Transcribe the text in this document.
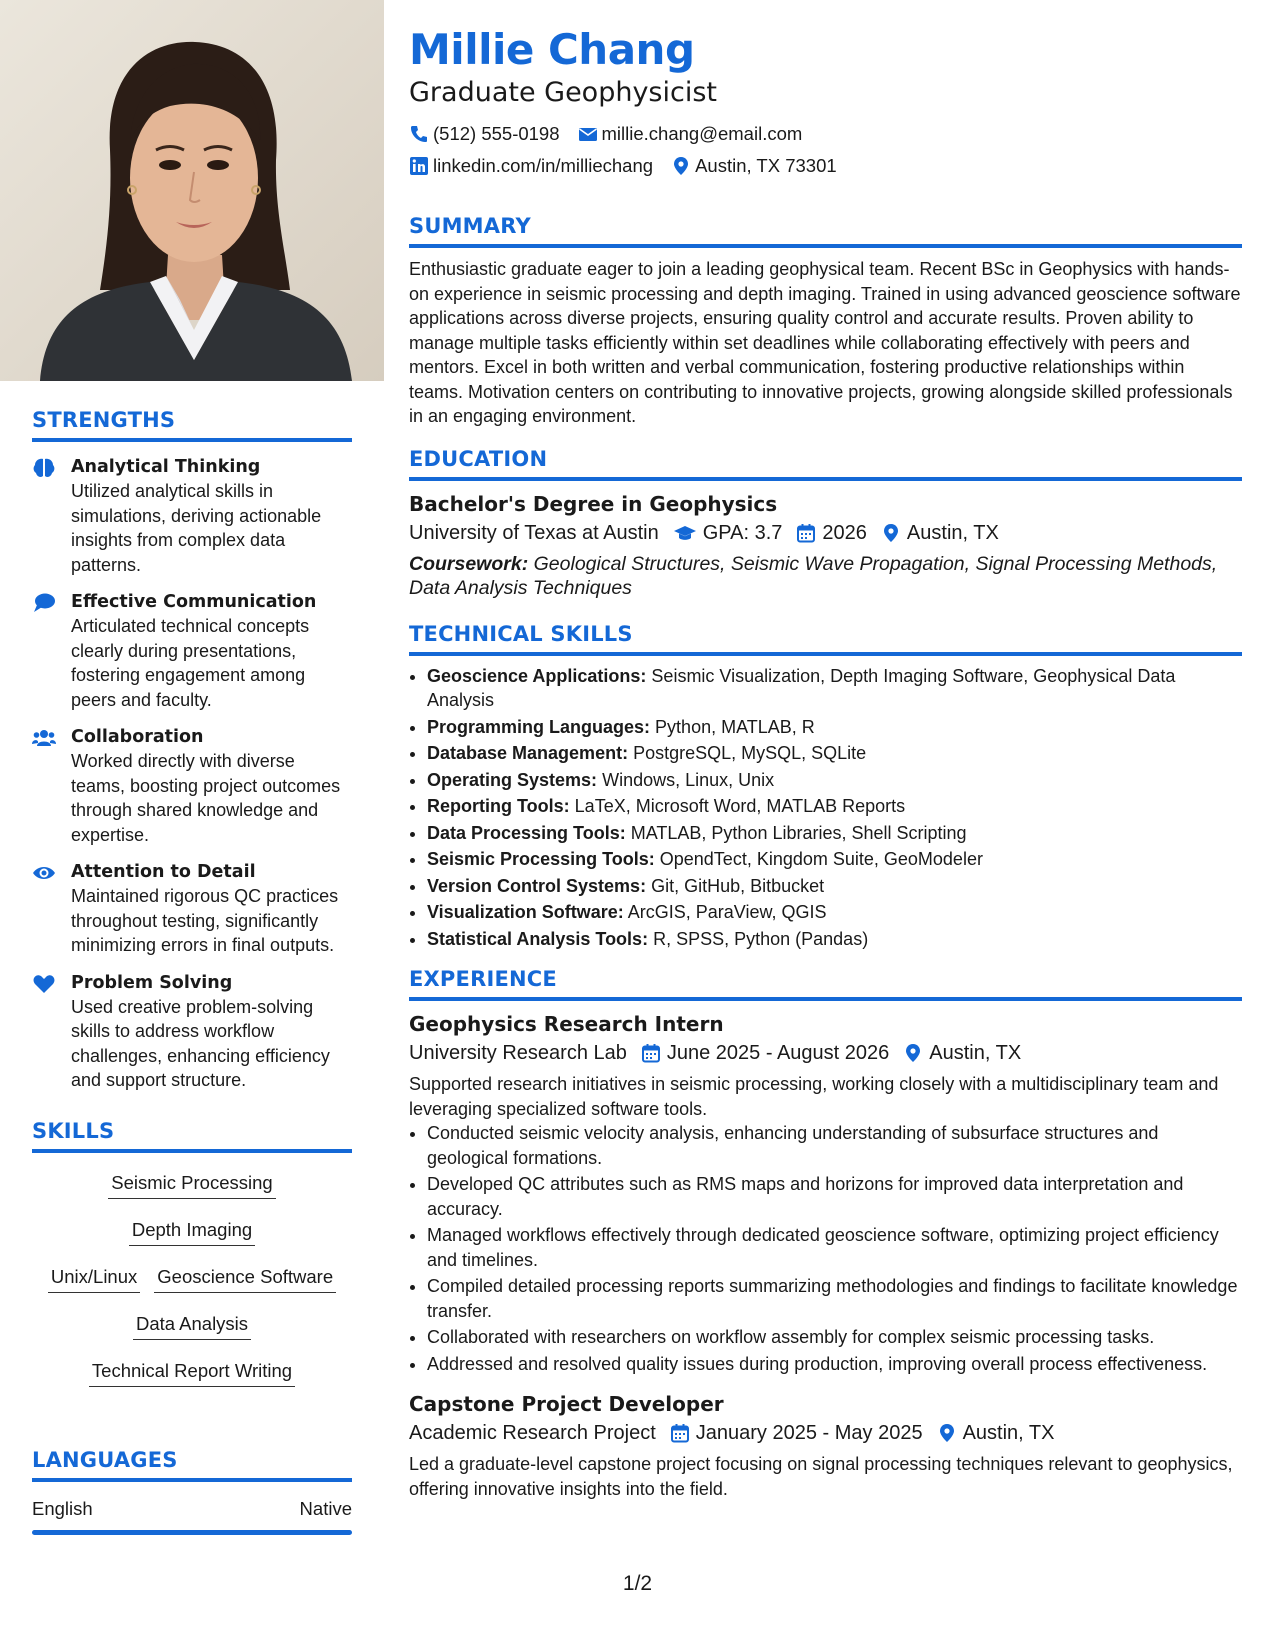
STRENGTHS
Analytical Thinking
Utilized analytical skills in simulations, deriving actionable insights from complex data patterns.
Effective Communication
Articulated technical concepts clearly during presentations, fostering engagement among peers and faculty.
Collaboration
Worked directly with diverse teams, boosting project outcomes through shared knowledge and expertise.
Attention to Detail
Maintained rigorous QC practices throughout testing, significantly minimizing errors in final outputs.
Problem Solving
Used creative problem-solving skills to address workflow challenges, enhancing efficiency and support structure.
SKILLS
Seismic ProcessingDepth Imaging
Unix/Linux Geoscience Software
Data Analysis
Technical Report Writing
LANGUAGES
English	Native
Millie Chang
Graduate Geophysicist
(512) 555-0198 millie.chang@email.com
linkedin.com/in/milliechang Austin, TX 73301
SUMMARY
Enthusiastic graduate eager to join a leading geophysical team. Recent BSc in Geophysics with hands-on experience in seismic processing and depth imaging. Trained in using advanced geoscience software applications across diverse projects, ensuring quality control and accurate results. Proven ability to manage multiple tasks efficiently within set deadlines while collaborating effectively with peers and mentors. Excel in both written and verbal communication, fostering productive relationships within teams. Motivation centers on contributing to innovative projects, growing alongside skilled professionals in an engaging environment.
EDUCATION
Bachelor's Degree in Geophysics
University of Texas at Austin GPA: 3.7 2026 Austin, TX
Coursework: Geological Structures, Seismic Wave Propagation, Signal Processing Methods, Data Analysis Techniques
TECHNICAL SKILLS
• Geoscience Applications: Seismic Visualization, Depth Imaging Software, Geophysical Data Analysis
• Programming Languages: Python, MATLAB, R
• Database Management: PostgreSQL, MySQL, SQLite
• Operating Systems: Windows, Linux, Unix
• Reporting Tools: LaTeX, Microsoft Word, MATLAB Reports
• Data Processing Tools: MATLAB, Python Libraries, Shell Scripting
• Seismic Processing Tools: OpendTect, Kingdom Suite, GeoModeler
• Version Control Systems: Git, GitHub, Bitbucket
• Visualization Software: ArcGIS, ParaView, QGIS
• Statistical Analysis Tools: R, SPSS, Python (Pandas)
EXPERIENCE
Geophysics Research Intern
University Research Lab June 2025 - August 2026 Austin, TX
Supported research initiatives in seismic processing, working closely with a multidisciplinary team and leveraging specialized software tools.
• Conducted seismic velocity analysis, enhancing understanding of subsurface structures and geological formations.
• Developed QC attributes such as RMS maps and horizons for improved data interpretation and accuracy.
• Managed workflows effectively through dedicated geoscience software, optimizing project efficiency and timelines.
• Compiled detailed processing reports summarizing methodologies and findings to facilitate knowledge transfer.
• Collaborated with researchers on workflow assembly for complex seismic processing tasks.
• Addressed and resolved quality issues during production, improving overall process effectiveness.
Capstone Project Developer
Academic Research Project January 2025 - May 2025 Austin, TX
Led a graduate-level capstone project focusing on signal processing techniques relevant to geophysics, offering innovative insights into the field.
1/2
